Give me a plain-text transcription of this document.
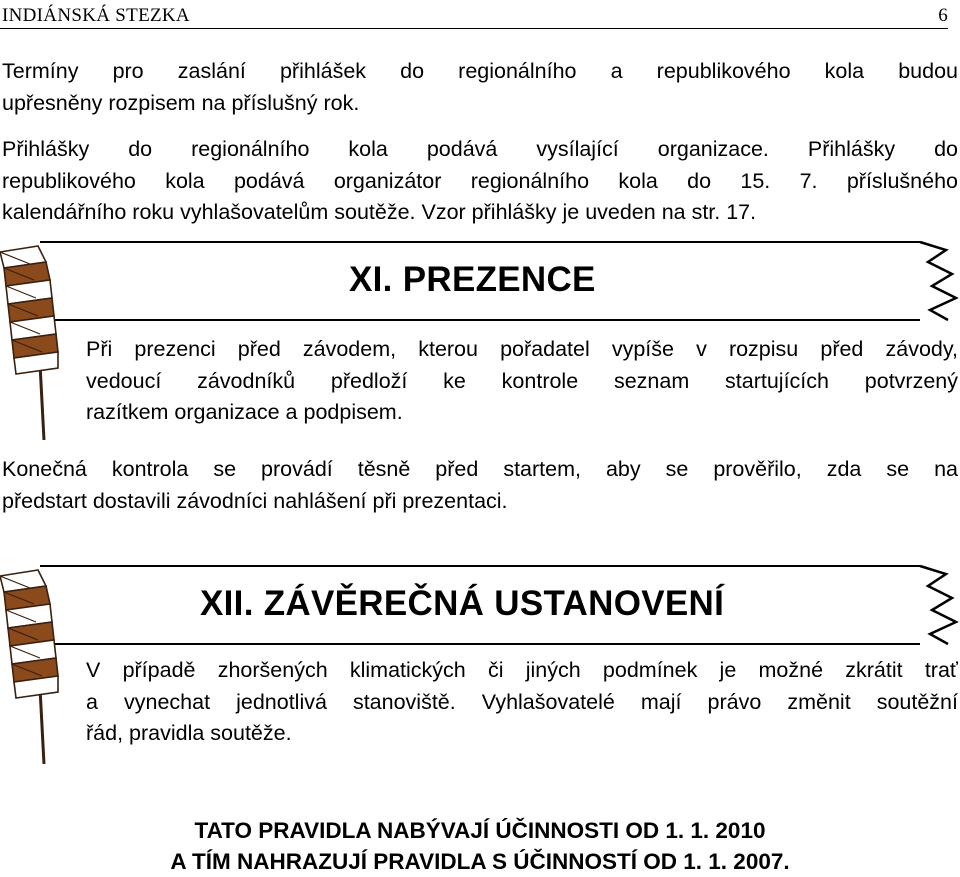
INDIÁNSKÁ STEZKA	6
Termíny pro zaslání přihlášek do regionálního a republikového kola budou
upřesněny rozpisem na příslušný rok.
Přihlášky do regionálního kola podává vysílající organizace. Přihlášky do
republikového kola podává organizátor regionálního kola do 15. 7. příslušného
kalendářního roku vyhlašovatelům soutěže. Vzor přihlášky je uveden na str. 17.
XI. PREZENCE
Při prezenci před závodem, kterou pořadatel vypíše v rozpisu před závody,
vedoucí závodníků předloží ke kontrole seznam startujících potvrzený
razítkem organizace a podpisem.
Konečná kontrola se provádí těsně před startem, aby se prověřilo, zda se na
předstart dostavili závodníci nahlášení při prezentaci.
XII. ZÁVĚREČNÁ USTANOVENÍ
V případě zhoršených klimatických či jiných podmínek je možné zkrátit trať
a vynechat jednotlivá stanoviště. Vyhlašovatelé mají právo změnit soutěžní
řád, pravidla soutěže.
TATO PRAVIDLA NABÝVAJÍ ÚČINNOSTI OD 1. 1. 2010
A TÍM NAHRAZUJÍ PRAVIDLA S ÚČINNOSTÍ OD 1. 1. 2007.
